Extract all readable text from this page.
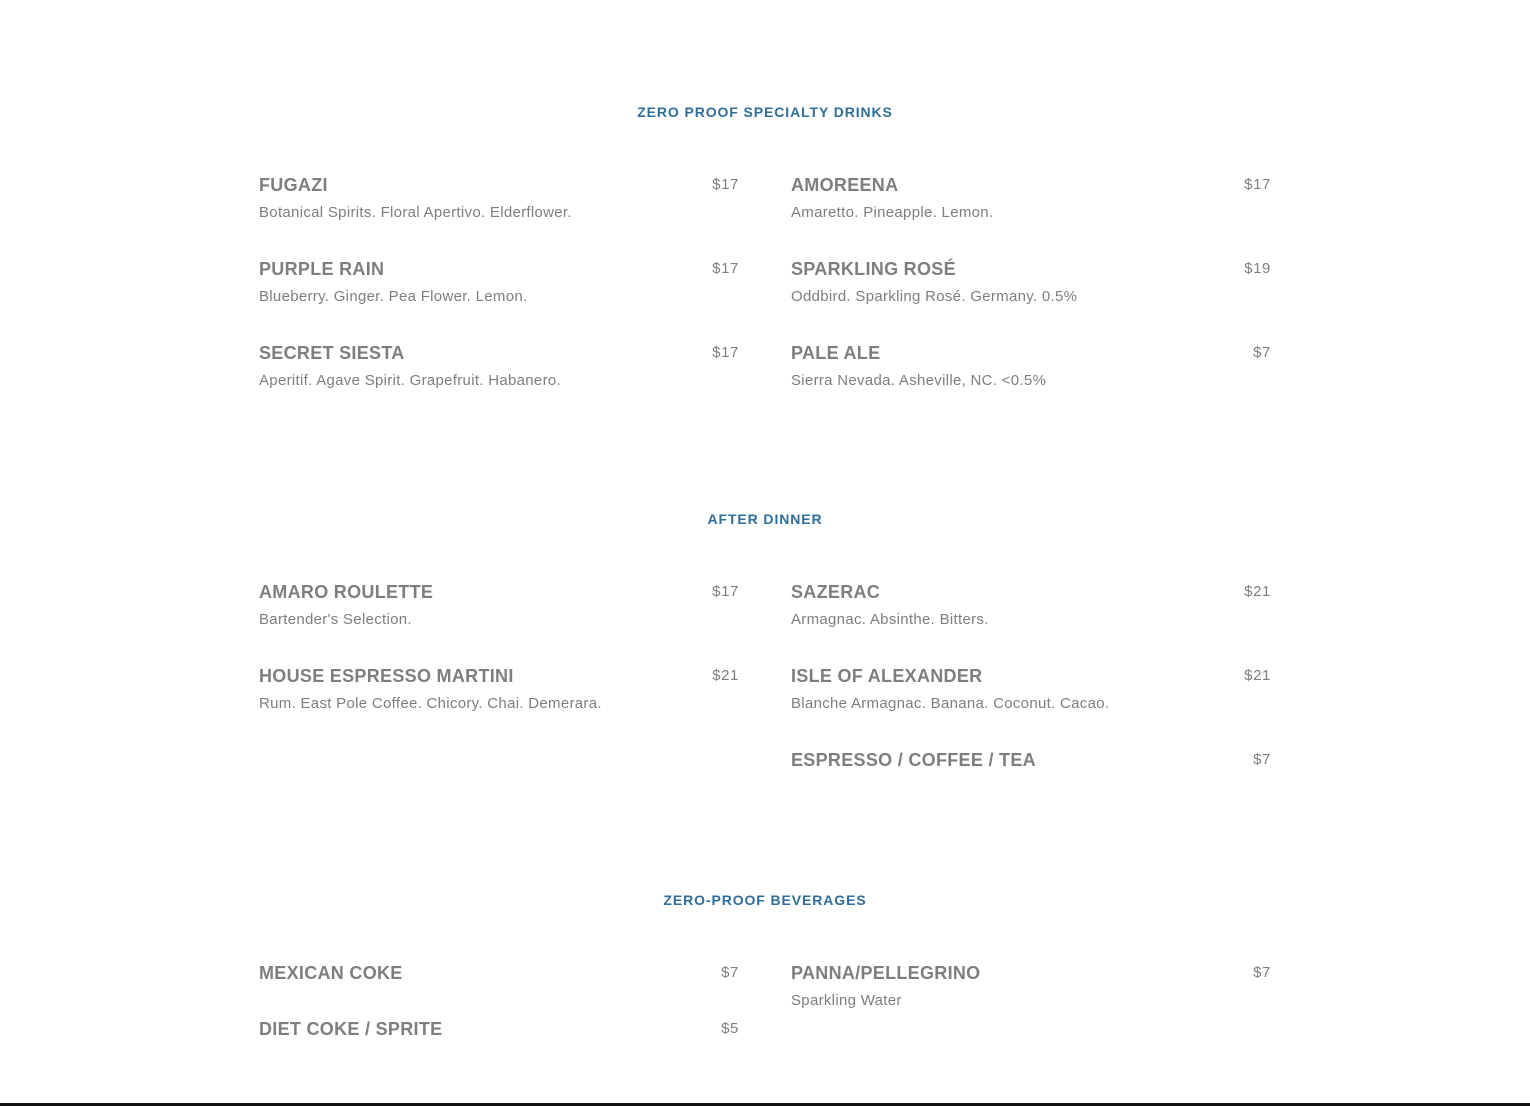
ZERO PROOF SPECIALTY DRINKS
FUGAZI	$17
Botanical Spirits. Floral Apertivo. Elderflower.
PURPLE RAIN	$17
Blueberry. Ginger. Pea Flower. Lemon.
SECRET SIESTA	$17
Aperitif. Agave Spirit. Grapefruit. Habanero.
AMOREENA	$17
Amaretto. Pineapple. Lemon.
SPARKLING ROSÉ	$19
Oddbird. Sparkling Rosé. Germany. 0.5%
PALE ALE	$7
Sierra Nevada. Asheville, NC. <0.5%
AFTER DINNER
AMARO ROULETTE	$17
Bartender's Selection.
HOUSE ESPRESSO MARTINI	$21
Rum. East Pole Coffee. Chicory. Chai. Demerara.
SAZERAC	$21
Armagnac. Absinthe. Bitters.
ISLE OF ALEXANDER	$21
Blanche Armagnac. Banana. Coconut. Cacao.
ESPRESSO / COFFEE / TEA	$7
ZERO-PROOF BEVERAGES
MEXICAN COKE	$7
DIET COKE / SPRITE	$5
PANNA/PELLEGRINO	$7
Sparkling Water
